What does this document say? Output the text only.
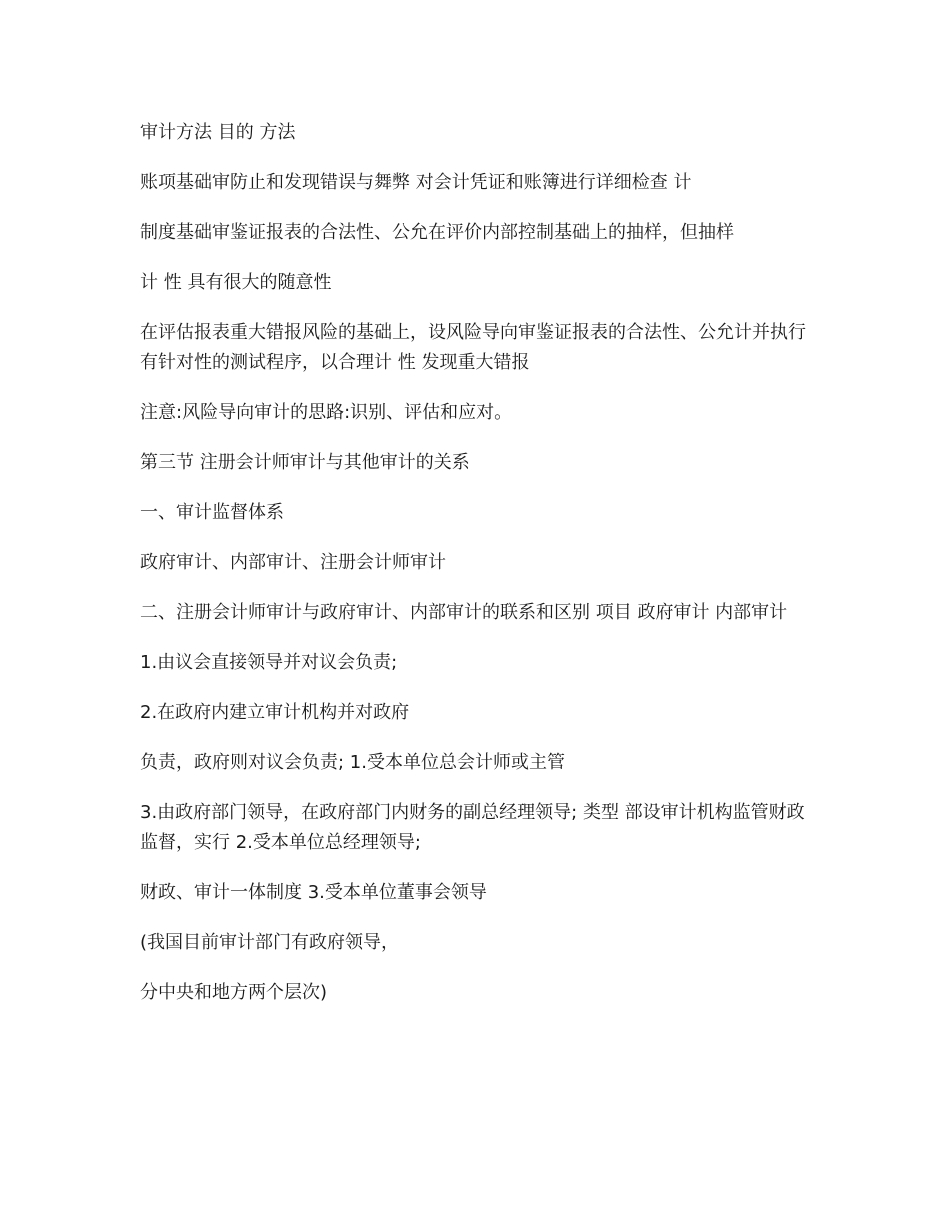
审计方法 目的 方法

账项基础审防止和发现错误与舞弊 对会计凭证和账簿进行详细检查 计

制度基础审鉴证报表的合法性、公允在评价内部控制基础上的抽样，但抽样

计 性 具有很大的随意性

在评估报表重大错报风险的基础上，设风险导向审鉴证报表的合法性、公允计并执行有针对性的测试程序，以合理计 性 发现重大错报

注意:风险导向审计的思路:识别、评估和应对。

第三节 注册会计师审计与其他审计的关系

一、审计监督体系

政府审计、内部审计、注册会计师审计

二、注册会计师审计与政府审计、内部审计的联系和区别 项目 政府审计 内部审计

1.由议会直接领导并对议会负责;

2.在政府内建立审计机构并对政府

负责，政府则对议会负责; 1.受本单位总会计师或主管

3.由政府部门领导，在政府部门内财务的副总经理领导; 类型 部设审计机构监管财政监督，实行 2.受本单位总经理领导;

财政、审计一体制度 3.受本单位董事会领导

(我国目前审计部门有政府领导，

分中央和地方两个层次)
